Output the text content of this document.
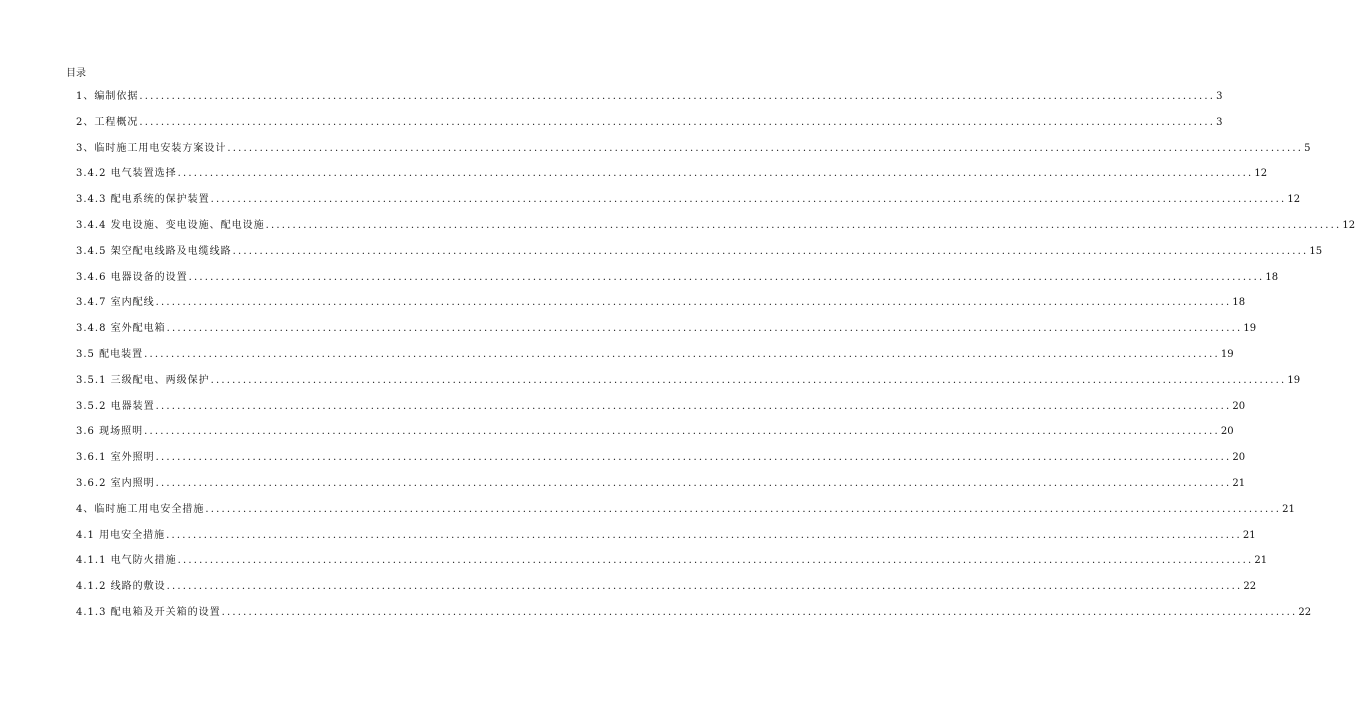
目录
1、编制依据 ........................................................................................................................................................................................................ 3
2、工程概况 ........................................................................................................................................................................................................ 3
3、临时施工用电安装方案设计 ........................................................................................................................................................................................................ 5
3.4.2 电气装置选择 ........................................................................................................................................................................................................ 12
3.4.3 配电系统的保护装置 ........................................................................................................................................................................................................ 12
3.4.4 发电设施、变电设施、配电设施 ........................................................................................................................................................................................................ 12
3.4.5 架空配电线路及电缆线路 ........................................................................................................................................................................................................ 15
3.4.6 电器设备的设置 ........................................................................................................................................................................................................ 18
3.4.7 室内配线 ........................................................................................................................................................................................................ 18
3.4.8 室外配电箱 ........................................................................................................................................................................................................ 19
3.5 配电装置 ........................................................................................................................................................................................................ 19
3.5.1 三级配电、两级保护 ........................................................................................................................................................................................................ 19
3.5.2 电器装置 ........................................................................................................................................................................................................ 20
3.6 现场照明 ........................................................................................................................................................................................................ 20
3.6.1 室外照明 ........................................................................................................................................................................................................ 20
3.6.2 室内照明 ........................................................................................................................................................................................................ 21
4、临时施工用电安全措施 ........................................................................................................................................................................................................ 21
4.1 用电安全措施 ........................................................................................................................................................................................................ 21
4.1.1 电气防火措施 ........................................................................................................................................................................................................ 21
4.1.2 线路的敷设 ........................................................................................................................................................................................................ 22
4.1.3 配电箱及开关箱的设置 ........................................................................................................................................................................................................ 22
